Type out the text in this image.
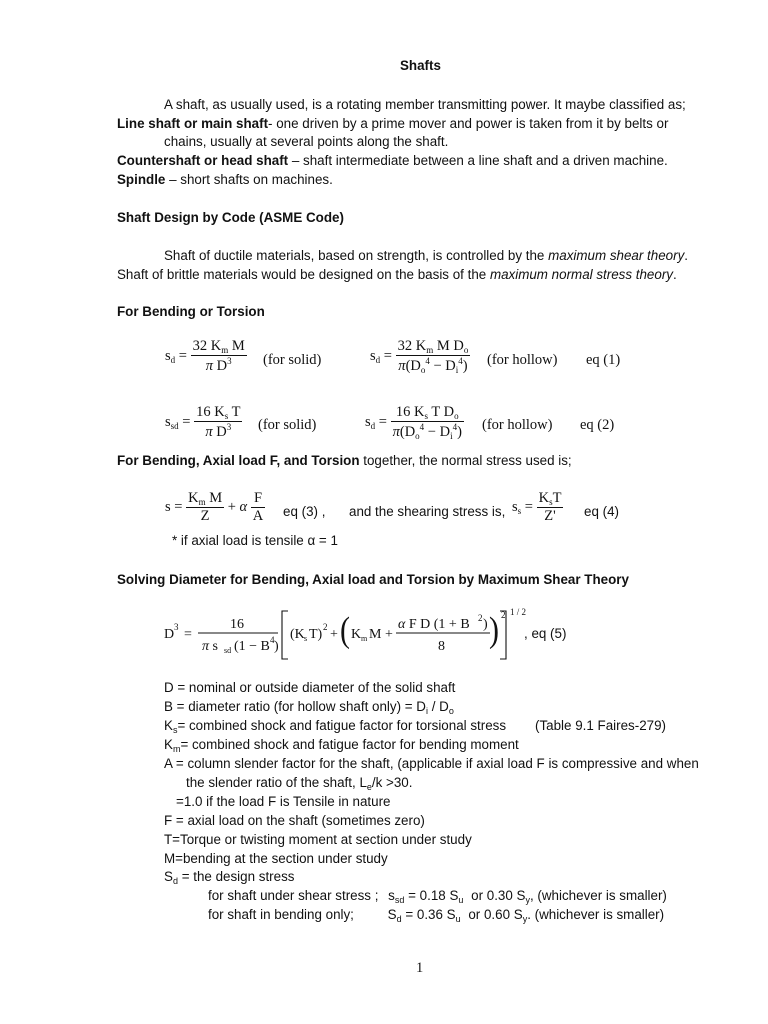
Shafts
A shaft, as usually used, is a rotating member transmitting power. It maybe classified as;
Line shaft or main shaft- one driven by a prime mover and power is taken from it by belts or
chains, usually at several points along the shaft.
Countershaft or head shaft – shaft intermediate between a line shaft and a driven machine.
Spindle – short shafts on machines.
Shaft Design by Code (ASME Code)
Shaft of ductile materials, based on strength, is controlled by the maximum shear theory.
Shaft of brittle materials would be designed on the basis of the maximum normal stress theory.
For Bending or Torsion
$s_d = \frac{32 K_m M}{\pi D^3} (for$ solid)	$s_d = \frac{32 K_m M D_o}{\pi(D_o^4 - D_i^4)} (for$ hollow) eq (1)
$s_{sd} = \frac{16 K_s T}{\pi D^3} (for$ solid)	$s_d = \frac{16 K_s T D_o}{\pi(D_o^4 - D_i^4)} (for$ hollow) eq (2)
For Bending, Axial load F, and Torsion together, the normal stress used is;
$s = \frac{K_m M}{Z} + \alpha \frac{F}{A}$ eq (3) , and the shearing stress is, $s_s = \frac{K_sT}{Z'}$ eq (4)
* if axial load is tensile α = 1
Solving Diameter for Bending, Axial load and Torsion by Maximum Shear Theory
D 3 =
16
π s sd (1 − B 4 )
(K s T) 2 + ( K m M +
α F D (1 + B 2 )
8 ) 2 1 / 2
, eq (5)
D = nominal or outside diameter of the solid shaft
B = diameter ratio (for hollow shaft only) = $D_i / D_o$
$K_s=$ combined shock and fatigue factor for torsional stress (Table 9.1 Faires-279)
$K_m=$ combined shock and fatigue factor for bending moment
A = column slender factor for the shaft, (applicable if axial load F is compressive and when
the slender ratio of the shaft, $L_e/k >30$.
=1.0 if the load F is Tensile in nature
F = axial load on the shaft (sometimes zero)
T=Torque or twisting moment at section under study
M=bending at the section under study
$S_d$ = the design stress
for shaft under shear stress ; $s_{sd} = 0.18$ $S_u$ or 0.30 $S_y$, (whichever is smaller)
for shaft in bending only;	$S_d = 0.36$ $S_u$ or 0.60 $S_y$. (whichever is smaller)
1
